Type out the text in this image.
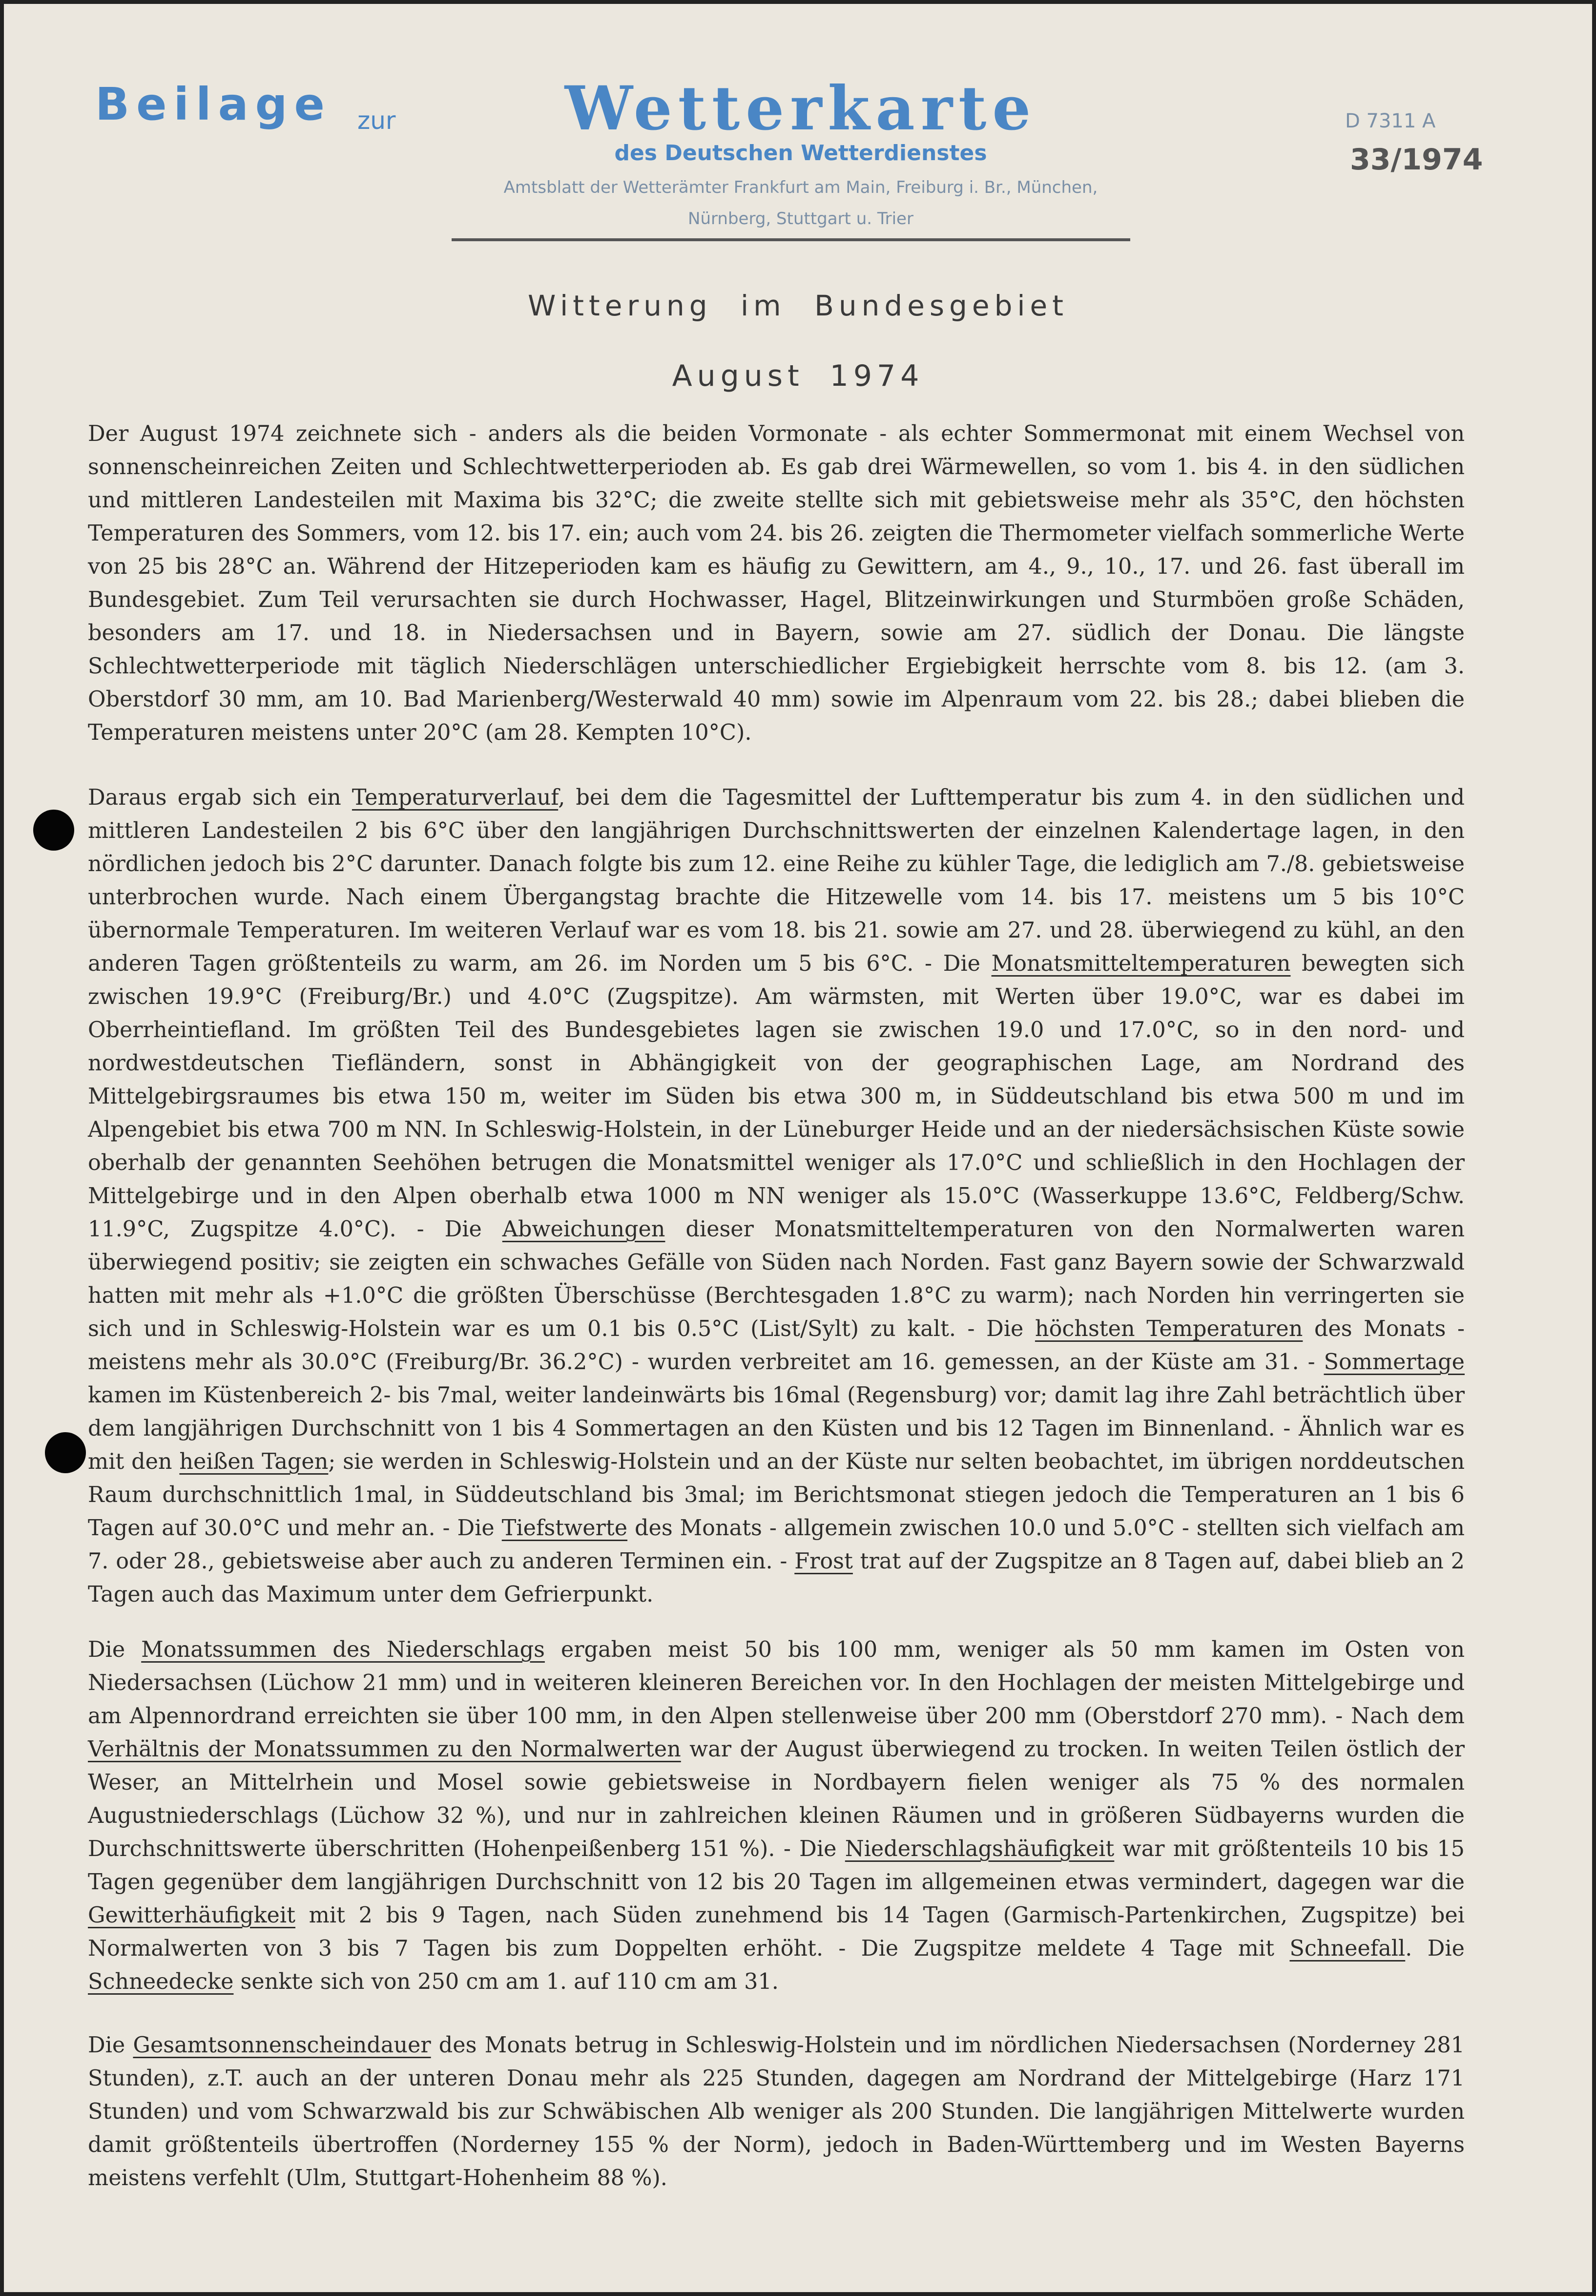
Beilage zur	Wetterkarte
des Deutschen Wetterdienstes
Amtsblatt der Wetterämter Frankfurt am Main, Freiburg i. Br., München,
Nürnberg, Stuttgart u. Trier
D 7311 A
33/1974
Witterung im Bundesgebiet
August 1974

Der August 1974 zeichnete sich - anders als die beiden Vormonate - als echter Sommermonat mit einem Wechsel von sonnenscheinreichen Zeiten und Schlechtwetterperioden ab. Es gab drei Wärmewellen, so vom 1. bis 4. in den südlichen und mittleren Landesteilen mit Maxima bis 32°C; die zweite stellte sich mit gebietsweise mehr als 35°C, den höchsten Temperaturen des Sommers, vom 12. bis 17. ein; auch vom 24. bis 26. zeigten die Thermometer vielfach sommerliche Werte von 25 bis 28°C an. Während der Hitzeperioden kam es häufig zu Gewittern, am 4., 9., 10., 17. und 26. fast überall im Bundesgebiet. Zum Teil verursachten sie durch Hochwasser, Hagel, Blitzeinwirkungen und Sturmböen große Schäden, besonders am 17. und 18. in Niedersachsen und in Bayern, sowie am 27. südlich der Donau. Die längste Schlechtwetterperiode mit täglich Niederschlägen unterschiedlicher Ergiebigkeit herrschte vom 8. bis 12. (am 3. Oberstdorf 30 mm, am 10. Bad Marienberg/Westerwald 40 mm) sowie im Alpenraum vom 22. bis 28.; dabei blieben die Temperaturen meistens unter 20°C (am 28. Kempten 10°C).

Daraus ergab sich ein Temperaturverlauf, bei dem die Tagesmittel der Lufttemperatur bis zum 4. in den südlichen und mittleren Landesteilen 2 bis 6°C über den langjährigen Durchschnittswerten der einzelnen Kalendertage lagen, in den nördlichen jedoch bis 2°C darunter. Danach folgte bis zum 12. eine Reihe zu kühler Tage, die lediglich am 7./8. gebietsweise unterbrochen wurde. Nach einem Übergangstag brachte die Hitzewelle vom 14. bis 17. meistens um 5 bis 10°C übernormale Temperaturen. Im weiteren Verlauf war es vom 18. bis 21. sowie am 27. und 28. überwiegend zu kühl, an den anderen Tagen größtenteils zu warm, am 26. im Norden um 5 bis 6°C. - Die Monatsmitteltemperaturen bewegten sich zwischen 19.9°C (Freiburg/Br.) und 4.0°C (Zugspitze). Am wärmsten, mit Werten über 19.0°C, war es dabei im Oberrheintiefland. Im größten Teil des Bundesgebietes lagen sie zwischen 19.0 und 17.0°C, so in den nord- und nordwestdeutschen Tiefländern, sonst in Abhängigkeit von der geographischen Lage, am Nordrand des Mittelgebirgsraumes bis etwa 150 m, weiter im Süden bis etwa 300 m, in Süddeutschland bis etwa 500 m und im Alpengebiet bis etwa 700 m NN. In Schleswig-Holstein, in der Lüneburger Heide und an der niedersächsischen Küste sowie oberhalb der genannten Seehöhen betrugen die Monatsmittel weniger als 17.0°C und schließlich in den Hochlagen der Mittelgebirge und in den Alpen oberhalb etwa 1000 m NN weniger als 15.0°C (Wasserkuppe 13.6°C, Feldberg/Schw. 11.9°C, Zugspitze 4.0°C). - Die Abweichungen dieser Monatsmitteltemperaturen von den Normalwerten waren überwiegend positiv; sie zeigten ein schwaches Gefälle von Süden nach Norden. Fast ganz Bayern sowie der Schwarzwald hatten mit mehr als +1.0°C die größten Überschüsse (Berchtesgaden 1.8°C zu warm); nach Norden hin verringerten sie sich und in Schleswig-Holstein war es um 0.1 bis 0.5°C (List/Sylt) zu kalt. - Die höchsten Temperaturen des Monats - meistens mehr als 30.0°C (Freiburg/Br. 36.2°C) - wurden verbreitet am 16. gemessen, an der Küste am 31. - Sommertage kamen im Küstenbereich 2- bis 7mal, weiter landeinwärts bis 16mal (Regensburg) vor; damit lag ihre Zahl beträchtlich über dem langjährigen Durchschnitt von 1 bis 4 Sommertagen an den Küsten und bis 12 Tagen im Binnenland. - Ähnlich war es mit den heißen Tagen; sie werden in Schleswig-Holstein und an der Küste nur selten beobachtet, im übrigen norddeutschen Raum durchschnittlich 1mal, in Süddeutschland bis 3mal; im Berichtsmonat stiegen jedoch die Temperaturen an 1 bis 6 Tagen auf 30.0°C und mehr an. - Die Tiefstwerte des Monats - allgemein zwischen 10.0 und 5.0°C - stellten sich vielfach am 7. oder 28., gebietsweise aber auch zu anderen Terminen ein. - Frost trat auf der Zugspitze an 8 Tagen auf, dabei blieb an 2 Tagen auch das Maximum unter dem Gefrierpunkt.

Die Monatssummen des Niederschlags ergaben meist 50 bis 100 mm, weniger als 50 mm kamen im Osten von Niedersachsen (Lüchow 21 mm) und in weiteren kleineren Bereichen vor. In den Hochlagen der meisten Mittelgebirge und am Alpennordrand erreichten sie über 100 mm, in den Alpen stellenweise über 200 mm (Oberstdorf 270 mm). - Nach dem Verhältnis der Monatssummen zu den Normalwerten war der August überwiegend zu trocken. In weiten Teilen östlich der Weser, an Mittelrhein und Mosel sowie gebietsweise in Nordbayern fielen weniger als 75 % des normalen Augustniederschlags (Lüchow 32 %), und nur in zahlreichen kleinen Räumen und in größeren Südbayerns wurden die Durchschnittswerte überschritten (Hohenpeißenberg 151 %). - Die Niederschlagshäufigkeit war mit größtenteils 10 bis 15 Tagen gegenüber dem langjährigen Durchschnitt von 12 bis 20 Tagen im allgemeinen etwas vermindert, dagegen war die Gewitterhäufigkeit mit 2 bis 9 Tagen, nach Süden zunehmend bis 14 Tagen (Garmisch-Partenkirchen, Zugspitze) bei Normalwerten von 3 bis 7 Tagen bis zum Doppelten erhöht. - Die Zugspitze meldete 4 Tage mit Schneefall. Die Schneedecke senkte sich von 250 cm am 1. auf 110 cm am 31.

Die Gesamtsonnenscheindauer des Monats betrug in Schleswig-Holstein und im nördlichen Niedersachsen (Norderney 281 Stunden), z.T. auch an der unteren Donau mehr als 225 Stunden, dagegen am Nordrand der Mittelgebirge (Harz 171 Stunden) und vom Schwarzwald bis zur Schwäbischen Alb weniger als 200 Stunden. Die langjährigen Mittelwerte wurden damit größtenteils übertroffen (Norderney 155 % der Norm), jedoch in Baden-Württemberg und im Westen Bayerns meistens verfehlt (Ulm, Stuttgart-Hohenheim 88 %).
